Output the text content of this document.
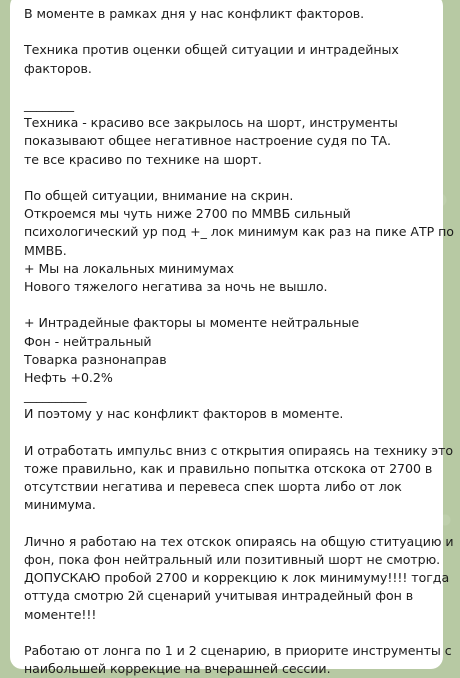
В моменте в рамках дня у нас конфликт факторов.
Техника против оценки общей ситуации и интрадейных
факторов.
________
Техника - красиво все закрылось на шорт, инструменты
показывают общее негативное настроение судя по ТА.
те все красиво по технике на шорт.
По общей ситуации, внимание на скрин.
Откроемся мы чуть ниже 2700 по ММВБ сильный
психологический ур под +_ лок минимум как раз на пике АТР по
ММВБ.
+ Мы на локальных минимумах
Нового тяжелого негатива за ночь не вышло.
+ Интрадейные факторы ы моменте нейтральные
Фон - нейтральный
Товарка разнонаправ
Нефть +0.2%
__________
И поэтому у нас конфликт факторов в моменте.
И отработать импульс вниз с открытия опираясь на технику это
тоже правильно, как и правильно попытка отскока от 2700 в
отсутствии негатива и перевеса спек шорта либо от лок
минимума.
Лично я работаю на тех отскок опираясь на общую ституацию и
фон, пока фон нейтральный или позитивный шорт не смотрю.
ДОПУСКАЮ пробой 2700 и коррекцию к лок минимуму!!!! тогда
оттуда смотрю 2й сценарий учитывая интрадейный фон в
моменте!!!
Работаю от лонга по 1 и 2 сценарию, в приорите инструменты с
наибольшей коррекцие на вчерашней сессии.
